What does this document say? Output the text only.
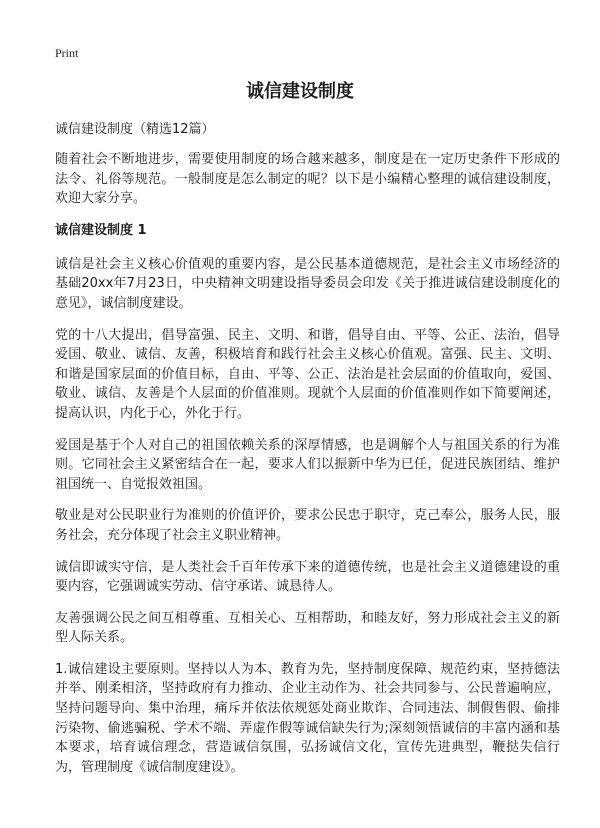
Print
诚信建设制度

诚信建设制度（精选12篇）

随着社会不断地进步，需要使用制度的场合越来越多，制度是在一定历史条件下形成的法令、礼俗等规范。一般制度是怎么制定的呢？以下是小编精心整理的诚信建设制度，欢迎大家分享。

诚信建设制度 1

诚信是社会主义核心价值观的重要内容，是公民基本道德规范，是社会主义市场经济的基础20xx年7月23日，中央精神文明建设指导委员会印发《关于推进诚信建设制度化的意见》，诚信制度建设。

党的十八大提出，倡导富强、民主、文明、和谐，倡导自由、平等、公正、法治，倡导爱国、敬业、诚信、友善，积极培育和践行社会主义核心价值观。富强、民主、文明、和谐是国家层面的价值目标，自由、平等、公正、法治是社会层面的价值取向，爱国、敬业、诚信、友善是个人层面的价值准则。现就个人层面的价值准则作如下简要阐述，提高认识，内化于心，外化于行。

爱国是基于个人对自己的祖国依赖关系的深厚情感，也是调解个人与祖国关系的行为准则。它同社会主义紧密结合在一起，要求人们以振新中华为已任，促进民族团结、维护祖国统一、自觉报效祖国。

敬业是对公民职业行为准则的价值评价，要求公民忠于职守，克己奉公，服务人民，服务社会，充分体现了社会主义职业精神。

诚信即诚实守信，是人类社会千百年传承下来的道德传统，也是社会主义道德建设的重要内容，它强调诚实劳动、信守承诺、诚恳待人。

友善强调公民之间互相尊重、互相关心、互相帮助，和睦友好，努力形成社会主义的新型人际关系。

1.诚信建设主要原则。坚持以人为本、教育为先，坚持制度保障、规范约束，坚持德法并举、刚柔相济，坚持政府有力推动、企业主动作为、社会共同参与、公民普遍响应，坚持问题导向、集中治理，痛斥并依法依规惩处商业欺诈、合同违法、制假售假、偷排污染物、偷逃骗税、学术不端、弄虚作假等诚信缺失行为;深刻领悟诚信的丰富内涵和基本要求，培育诚信理念，营造诚信氛围，弘扬诚信文化，宣传先进典型，鞭挞失信行为，管理制度《诚信制度建设》。
